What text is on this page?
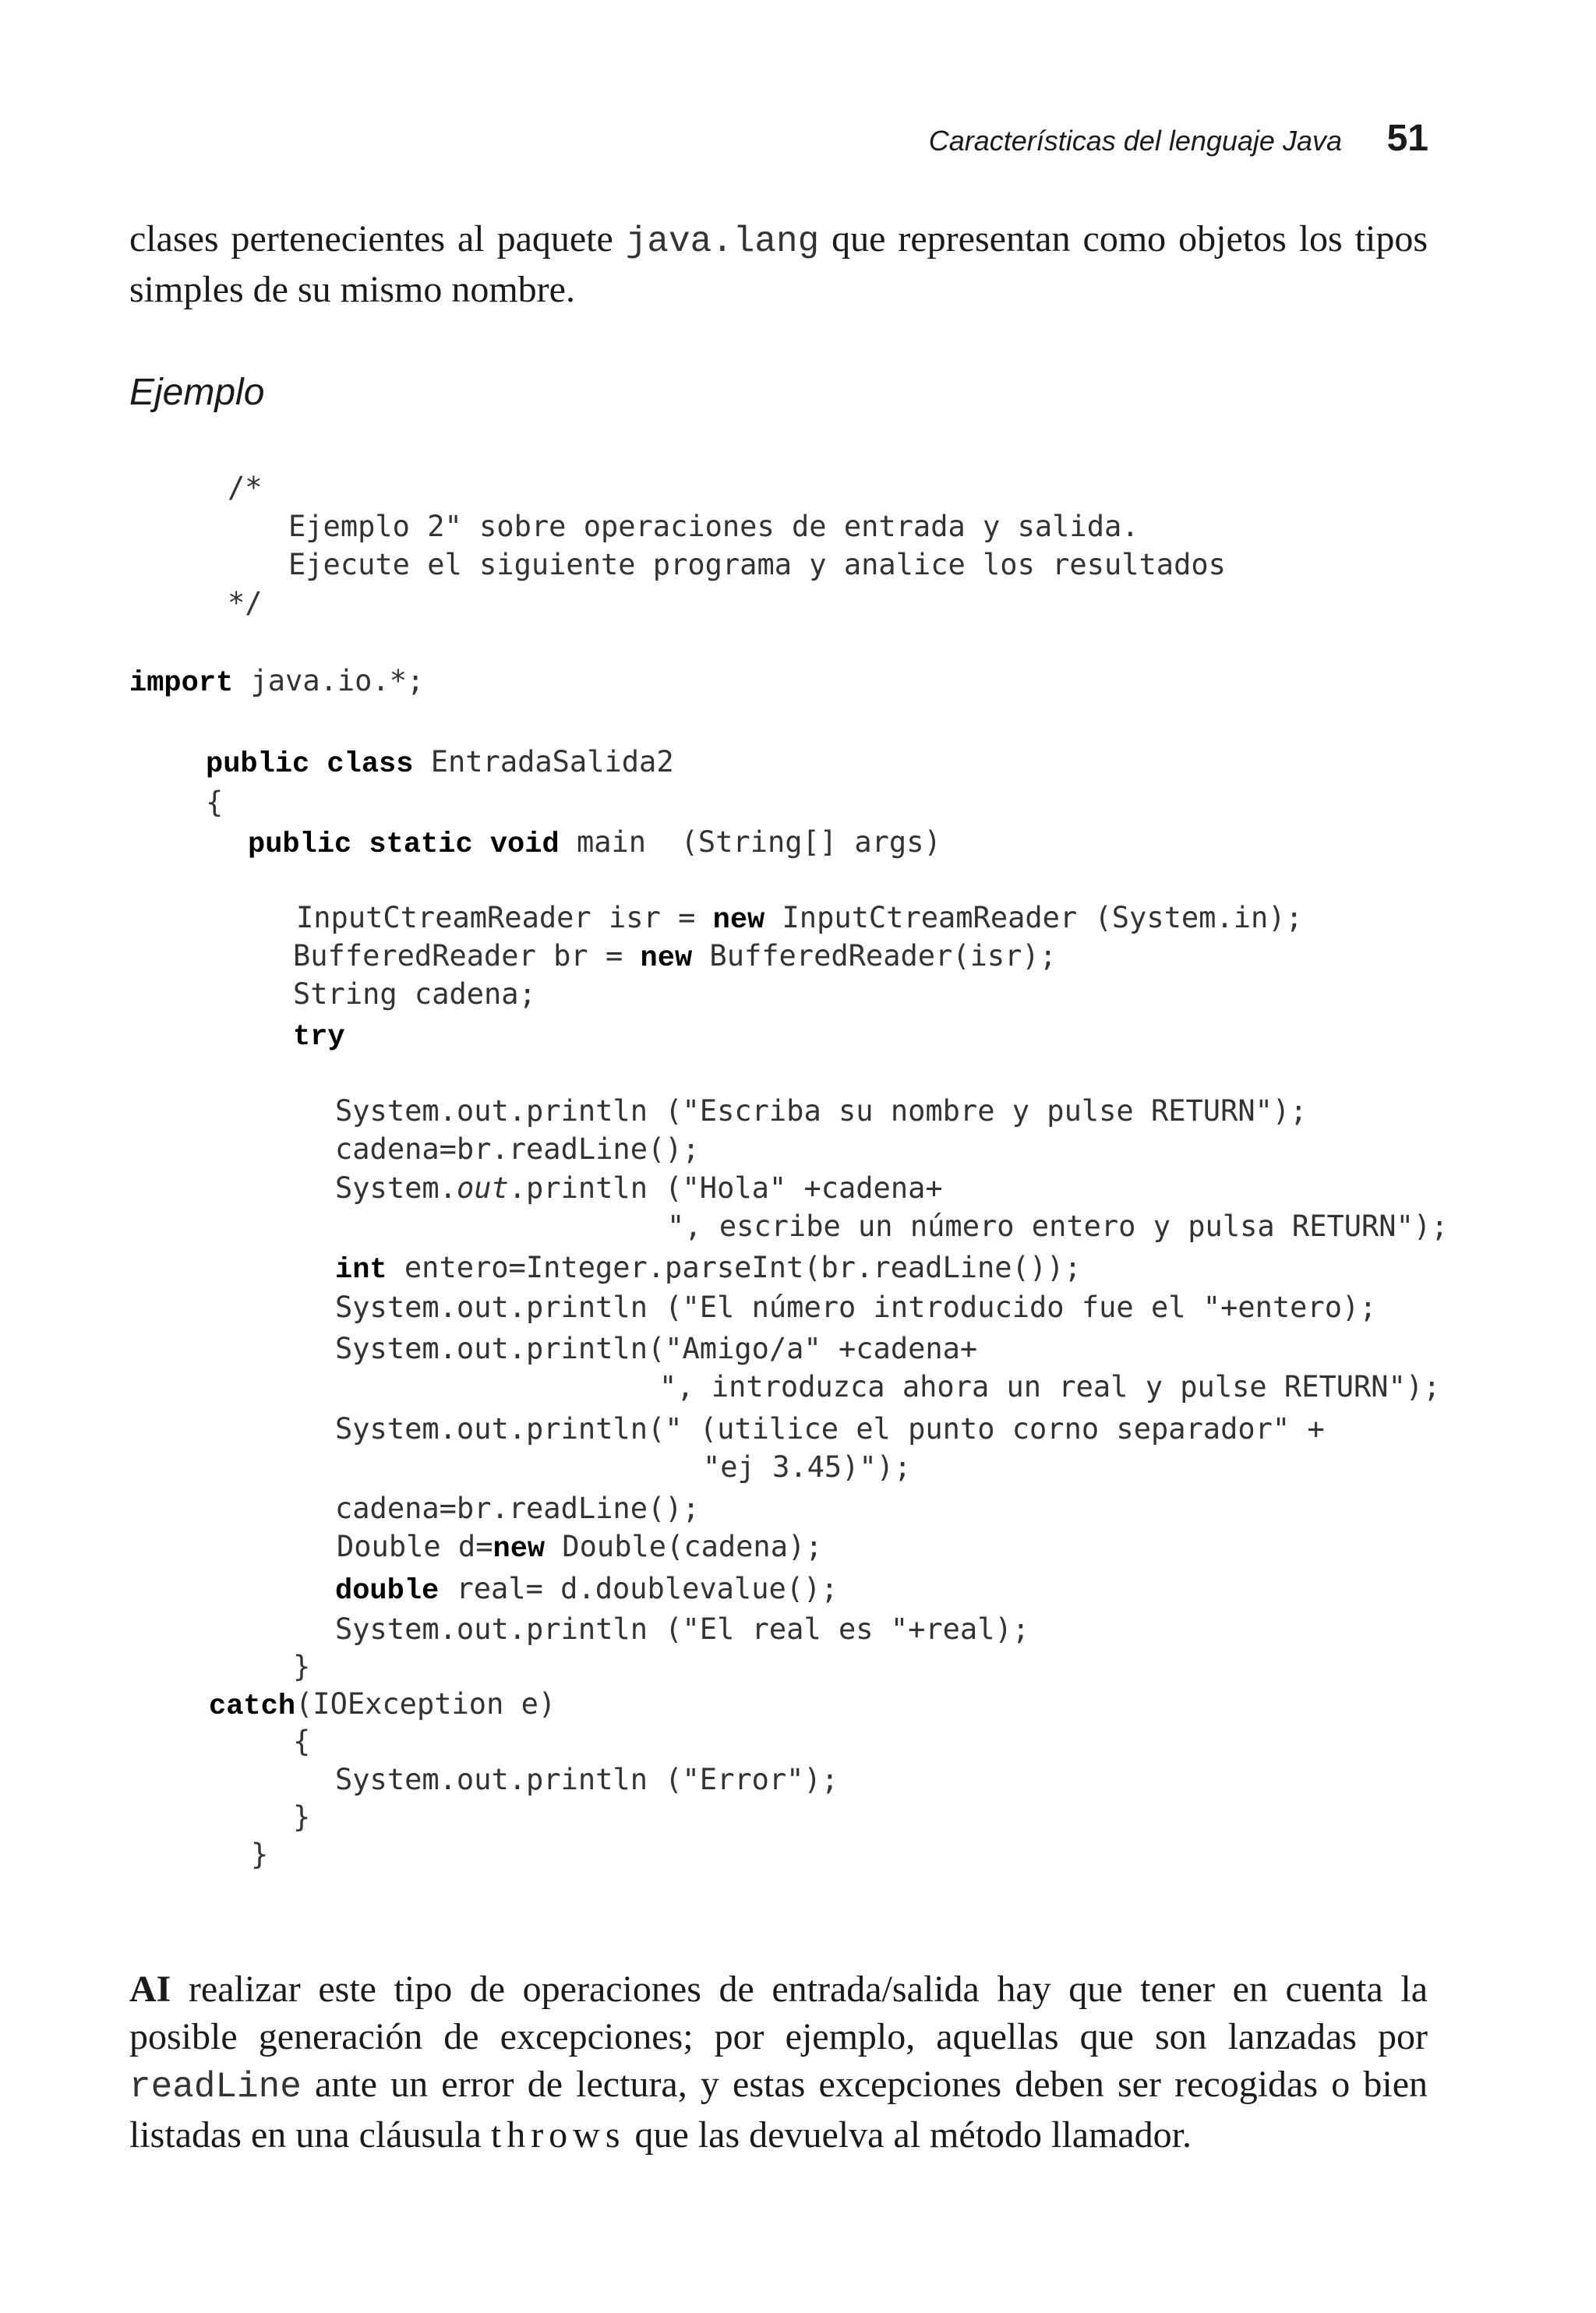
Características del lenguaje Java 51
clases pertenecientes al paquete java.lang que representan como objetos los tipos simples de su mismo nombre.
Ejemplo
/*
Ejemplo 2" sobre operaciones de entrada y salida.
Ejecute el siguiente programa y analice los resultados
*/
import java.io.*;
public class EntradaSalida2
{
public static void main  (String[] args)
InputCtreamReader isr = new InputCtreamReader (System.in);
BufferedReader br = new BufferedReader(isr);
String cadena;
try
System.out.println ("Escriba su nombre y pulse RETURN");
cadena=br.readLine();
System.out.println ("Hola" +cadena+
", escribe un número entero y pulsa RETURN");
int entero=Integer.parseInt(br.readLine());
System.out.println ("El número introducido fue el "+entero);
System.out.println("Amigo/a" +cadena+
", introduzca ahora un real y pulse RETURN");
System.out.println(" (utilice el punto corno separador" +
"ej 3.45)");
cadena=br.readLine();
Double d=new Double(cadena);
double real= d.doublevalue();
System.out.println ("El real es "+real);
}
catch(IOException e)
{
System.out.println ("Error");
}
}
AI realizar este tipo de operaciones de entrada/salida hay que tener en cuenta la posible generación de excepciones; por ejemplo, aquellas que son lanzadas por readLine ante un error de lectura, y estas excepciones deben ser recogidas o bien listadas en una cláusula throws que las devuelva al método llamador.
